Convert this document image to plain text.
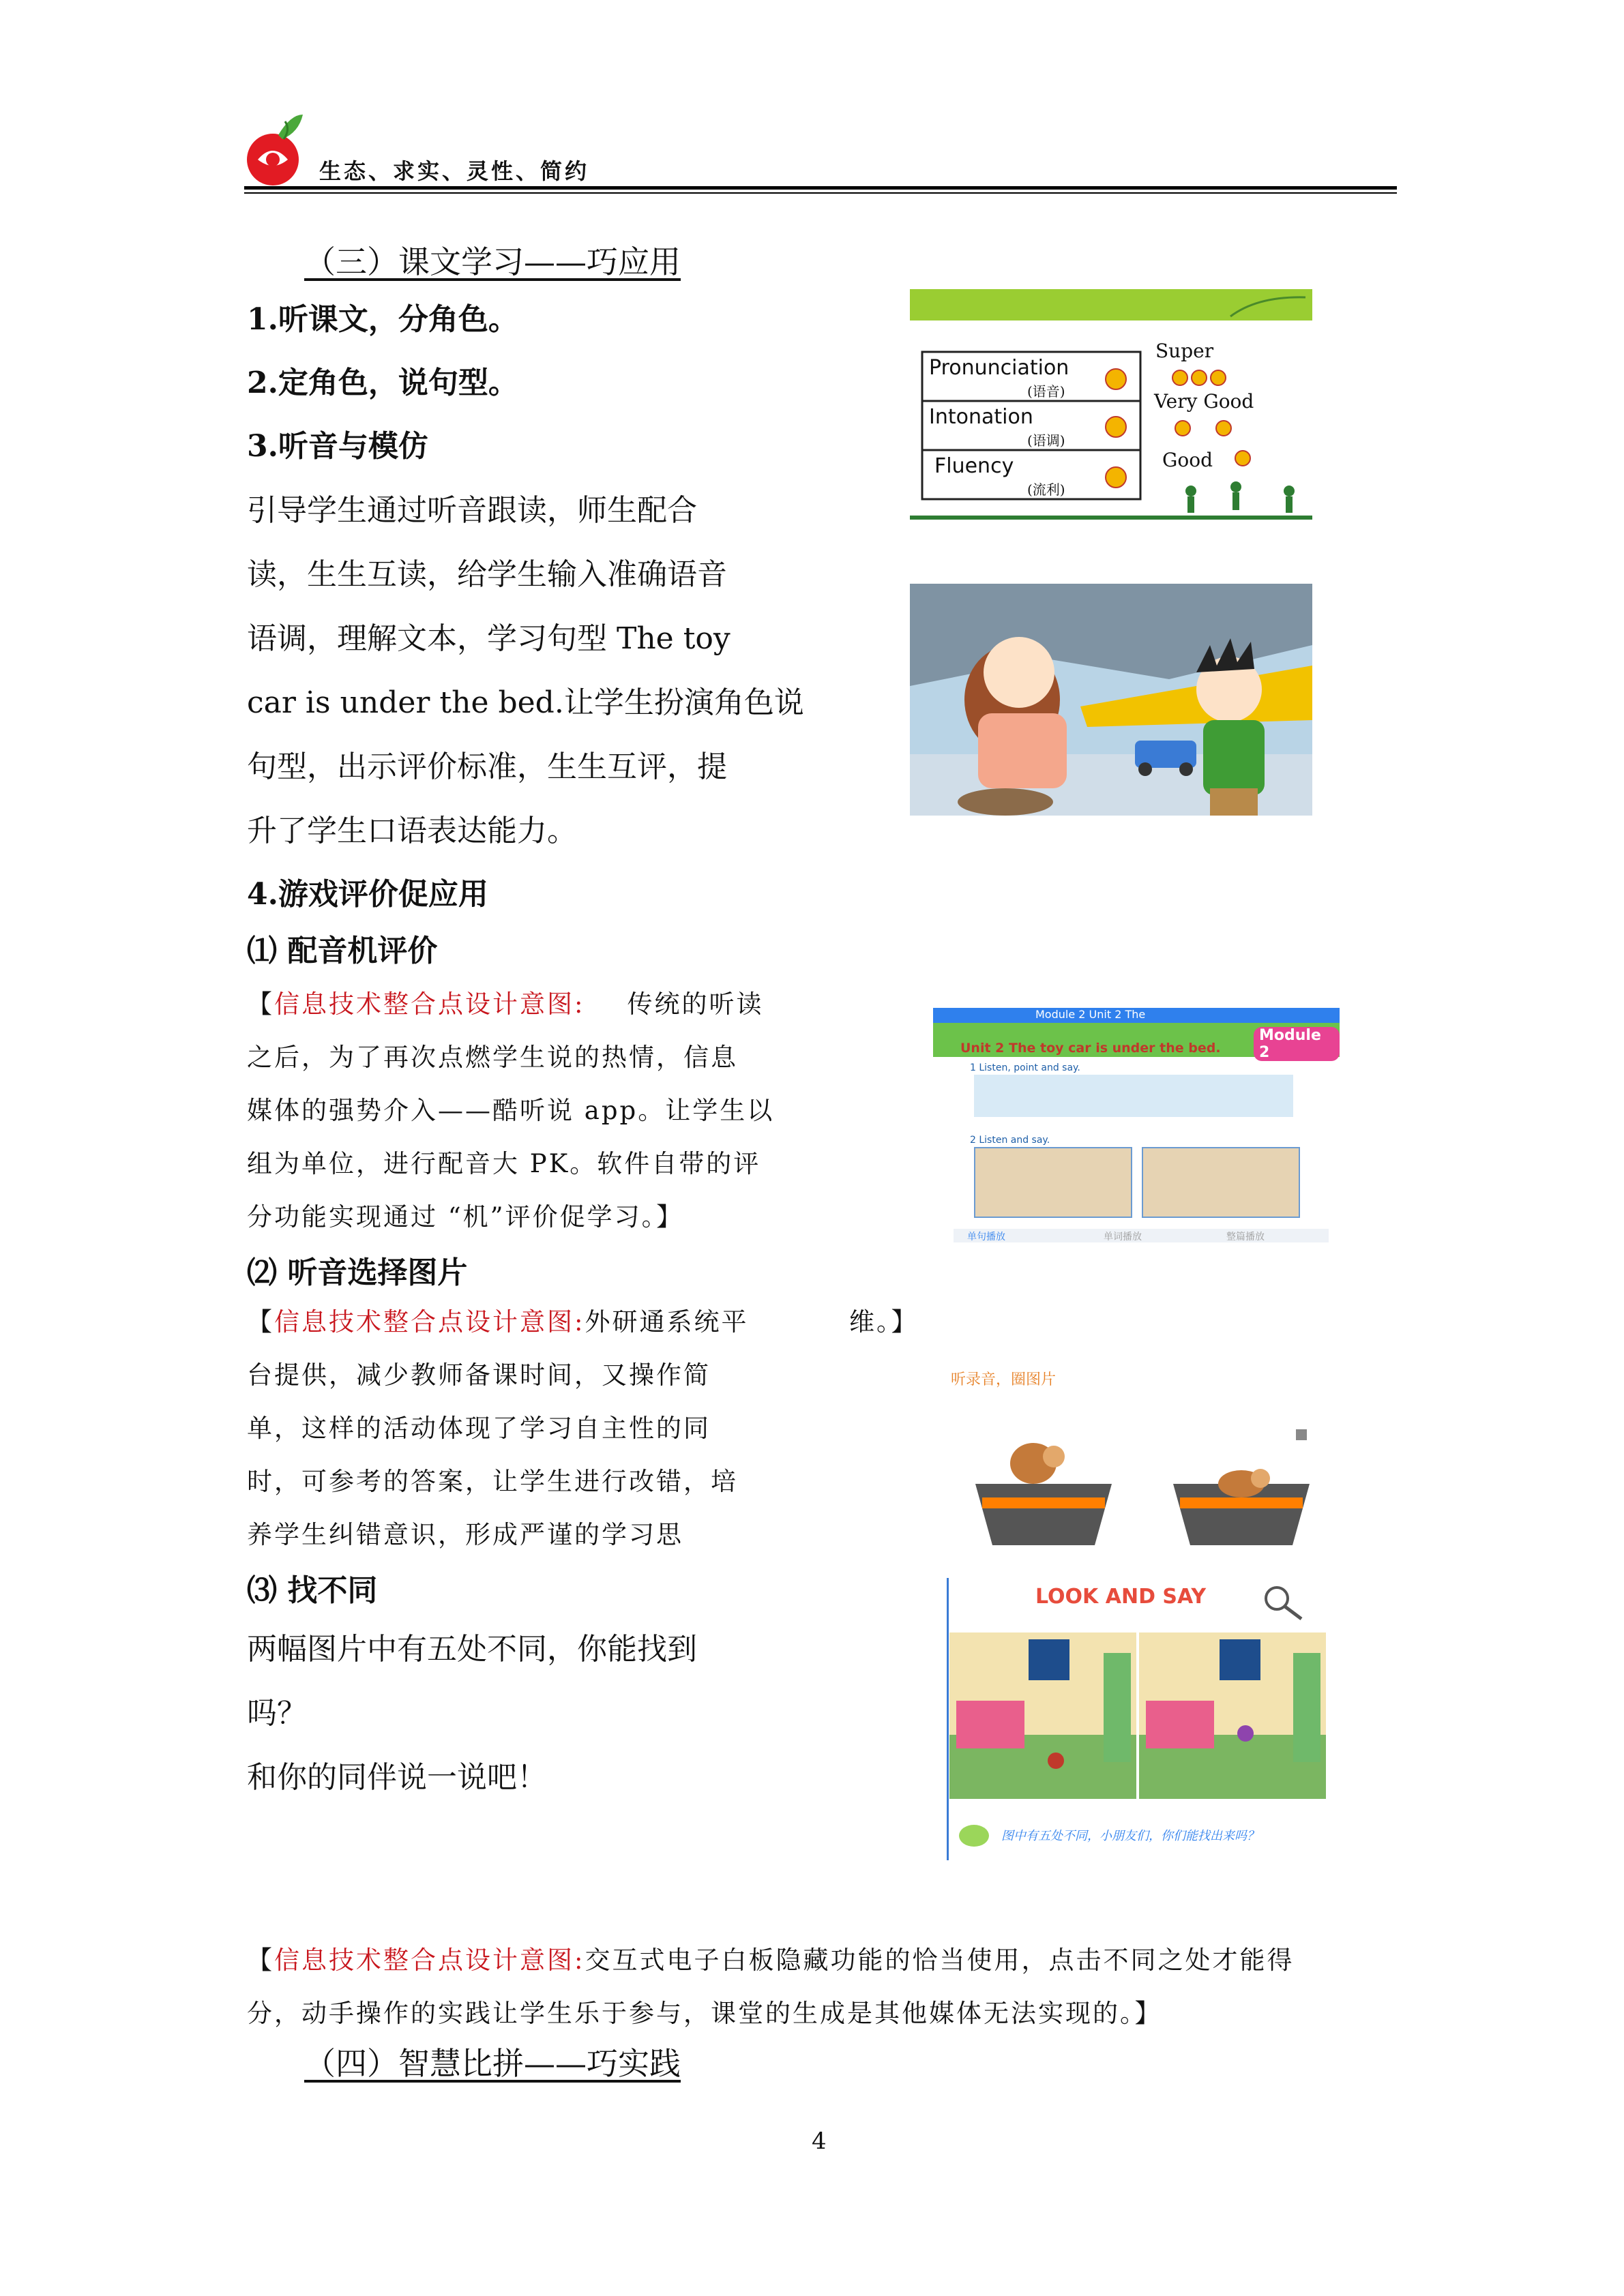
生态、求实、灵性、简约
（三）课文学习——巧应用
1.听课文，分角色。
2.定角色，说句型。
3.听音与模仿
引导学生通过听音跟读，师生配合
读，生生互读，给学生输入准确语音
语调，理解文本，学习句型 The toy
car is under the bed.让学生扮演角色说
句型，出示评价标准，生生互评，提
升了学生口语表达能力。
4.游戏评价促应用
⑴ 配音机评价
【信息技术整合点设计意图: 传统的听读
之后，为了再次点燃学生说的热情，信息
媒体的强势介入——酷听说 app。让学生以
组为单位，进行配音大 PK。软件自带的评
分功能实现通过 “机”评价促学习。】
⑵ 听音选择图片
【信息技术整合点设计意图:外研通系统平	维。】
台提供，减少教师备课时间，又操作简
单，这样的活动体现了学习自主性的同
时，可参考的答案，让学生进行改错，培
养学生纠错意识，形成严谨的学习思
⑶ 找不同
两幅图片中有五处不同，你能找到
吗？
和你的同伴说一说吧！
【信息技术整合点设计意图:交互式电子白板隐藏功能的恰当使用，点击不同之处才能得
分，动手操作的实践让学生乐于参与，课堂的生成是其他媒体无法实现的。】
（四）智慧比拼——巧实践
4
Pronunciation
(语音)
Intonation
(语调)
Fluency
(流利)
Super
Very Good
Good
Module 2 Unit 2 The
Module 2
Unit 2 The toy car is under the bed.
1 Listen, point and say.
2 Listen and say.
单句播放	单词播放	整篇播放
听录音，圈图片
LOOK AND SAY
图中有五处不同，小朋友们，你们能找出来吗？
